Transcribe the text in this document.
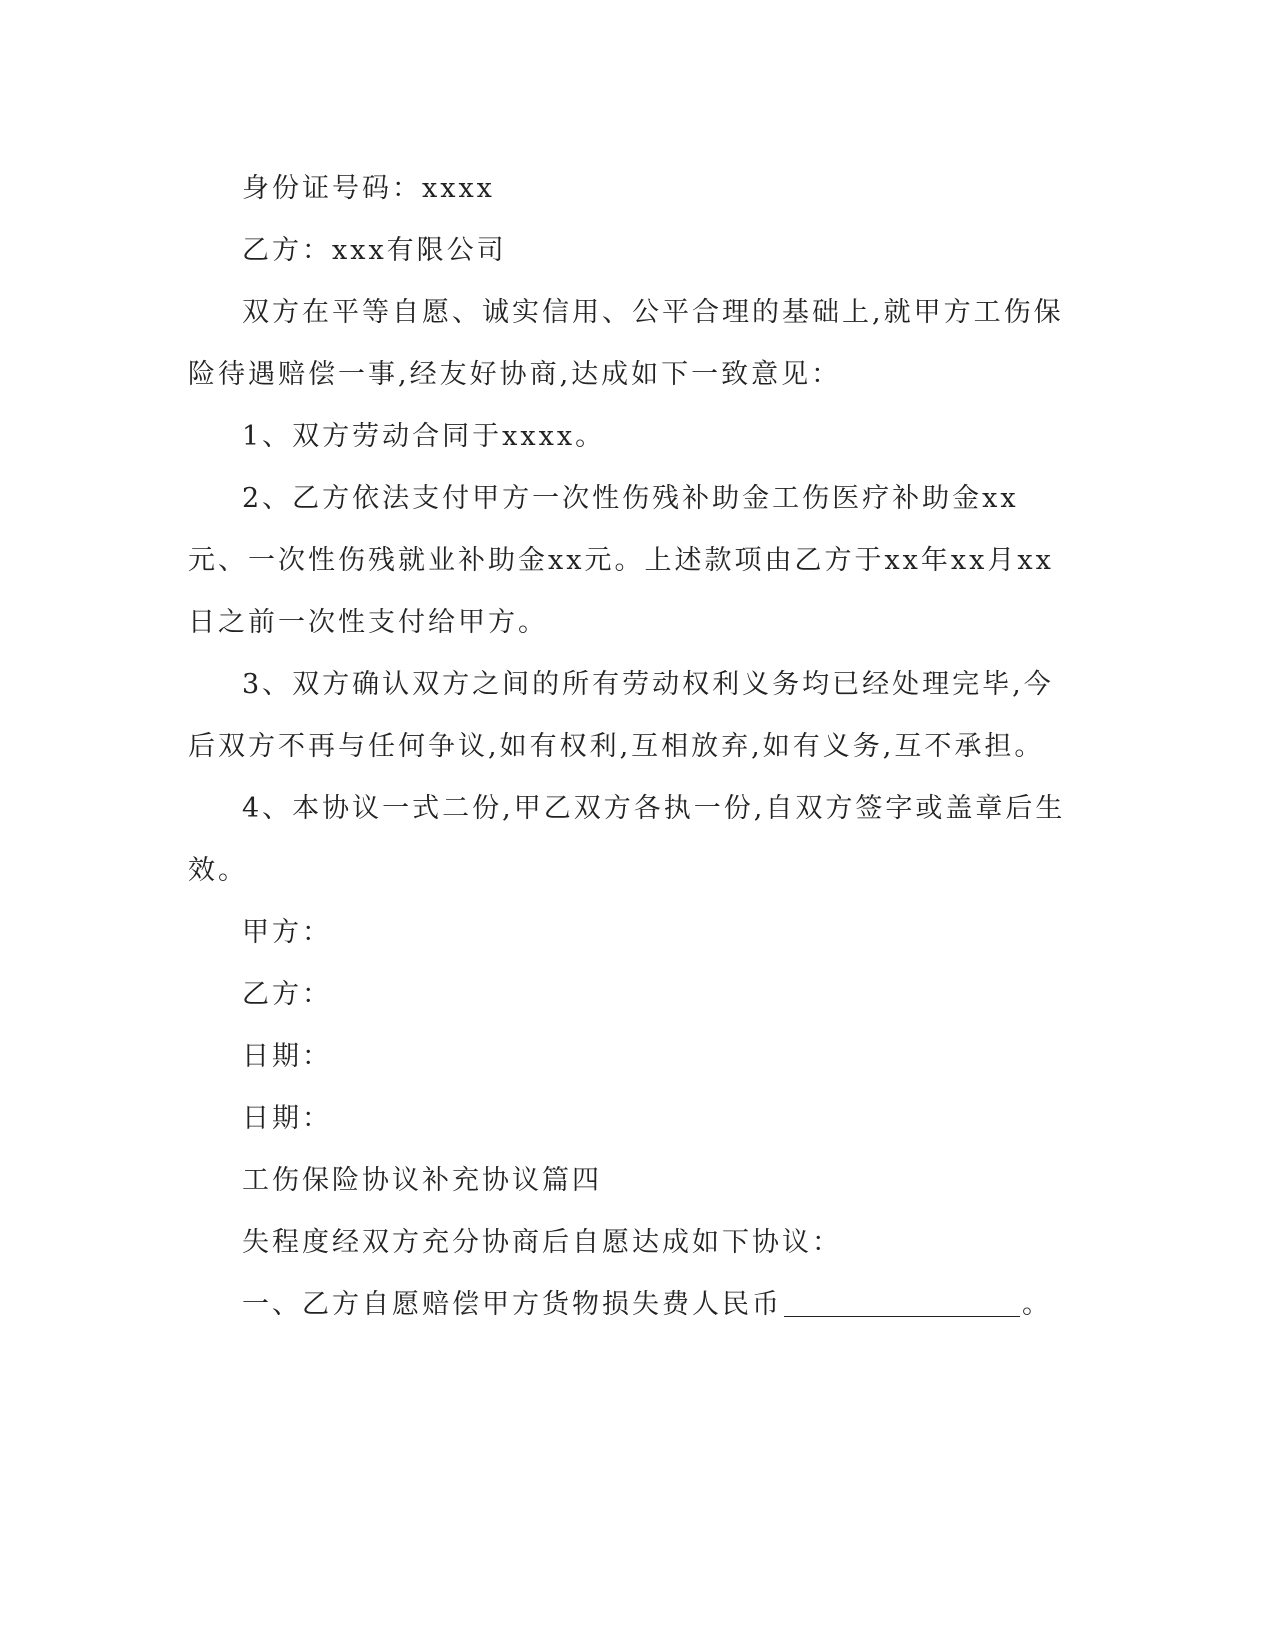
身份证号码：xxxx

乙方：xxx有限公司

双方在平等自愿、诚实信用、公平合理的基础上,就甲方工伤保险待遇赔偿一事,经友好协商,达成如下一致意见：

1、双方劳动合同于xxxx。

2、乙方依法支付甲方一次性伤残补助金工伤医疗补助金xx元、一次性伤残就业补助金xx元。上述款项由乙方于xx年xx月xx日之前一次性支付给甲方。

3、双方确认双方之间的所有劳动权利义务均已经处理完毕,今后双方不再与任何争议,如有权利,互相放弃,如有义务,互不承担。

4、本协议一式二份,甲乙双方各执一份,自双方签字或盖章后生效。

甲方：

乙方：

日期：

日期：

工伤保险协议补充协议篇四

失程度经双方充分协商后自愿达成如下协议：

一、乙方自愿赔偿甲方货物损失费人民币	。
